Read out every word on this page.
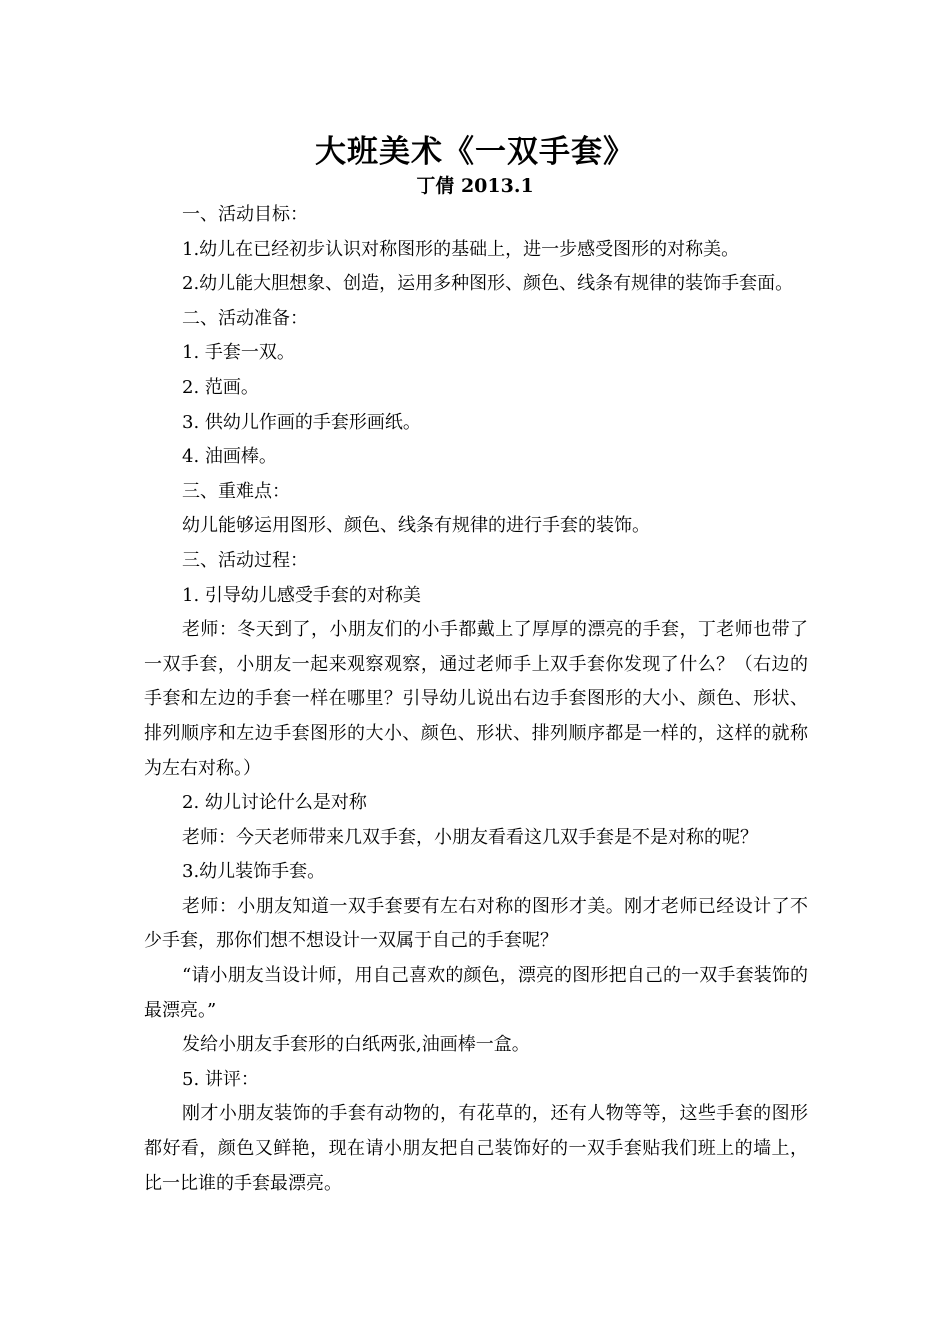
大班美术《一双手套》
丁倩 2013.1

一、活动目标：

1.幼儿在已经初步认识对称图形的基础上，进一步感受图形的对称美。

2.幼儿能大胆想象、创造，运用多种图形、颜色、线条有规律的装饰手套面。

二、活动准备：

1. 手套一双。

2. 范画。

3. 供幼儿作画的手套形画纸。

4. 油画棒。

三、重难点：

幼儿能够运用图形、颜色、线条有规律的进行手套的装饰。

三、活动过程：

1. 引导幼儿感受手套的对称美

老师：冬天到了，小朋友们的小手都戴上了厚厚的漂亮的手套，丁老师也带了一双手套，小朋友一起来观察观察，通过老师手上双手套你发现了什么？（右边的手套和左边的手套一样在哪里？引导幼儿说出右边手套图形的大小、颜色、形状、排列顺序和左边手套图形的大小、颜色、形状、排列顺序都是一样的，这样的就称为左右对称。）

2. 幼儿讨论什么是对称

老师：今天老师带来几双手套，小朋友看看这几双手套是不是对称的呢？

3.幼儿装饰手套。

老师：小朋友知道一双手套要有左右对称的图形才美。刚才老师已经设计了不少手套，那你们想不想设计一双属于自己的手套呢？

“请小朋友当设计师，用自己喜欢的颜色，漂亮的图形把自己的一双手套装饰的最漂亮。”

发给小朋友手套形的白纸两张,油画棒一盒。

5. 讲评：

刚才小朋友装饰的手套有动物的，有花草的，还有人物等等，这些手套的图形都好看，颜色又鲜艳，现在请小朋友把自己装饰好的一双手套贴我们班上的墙上，比一比谁的手套最漂亮。
